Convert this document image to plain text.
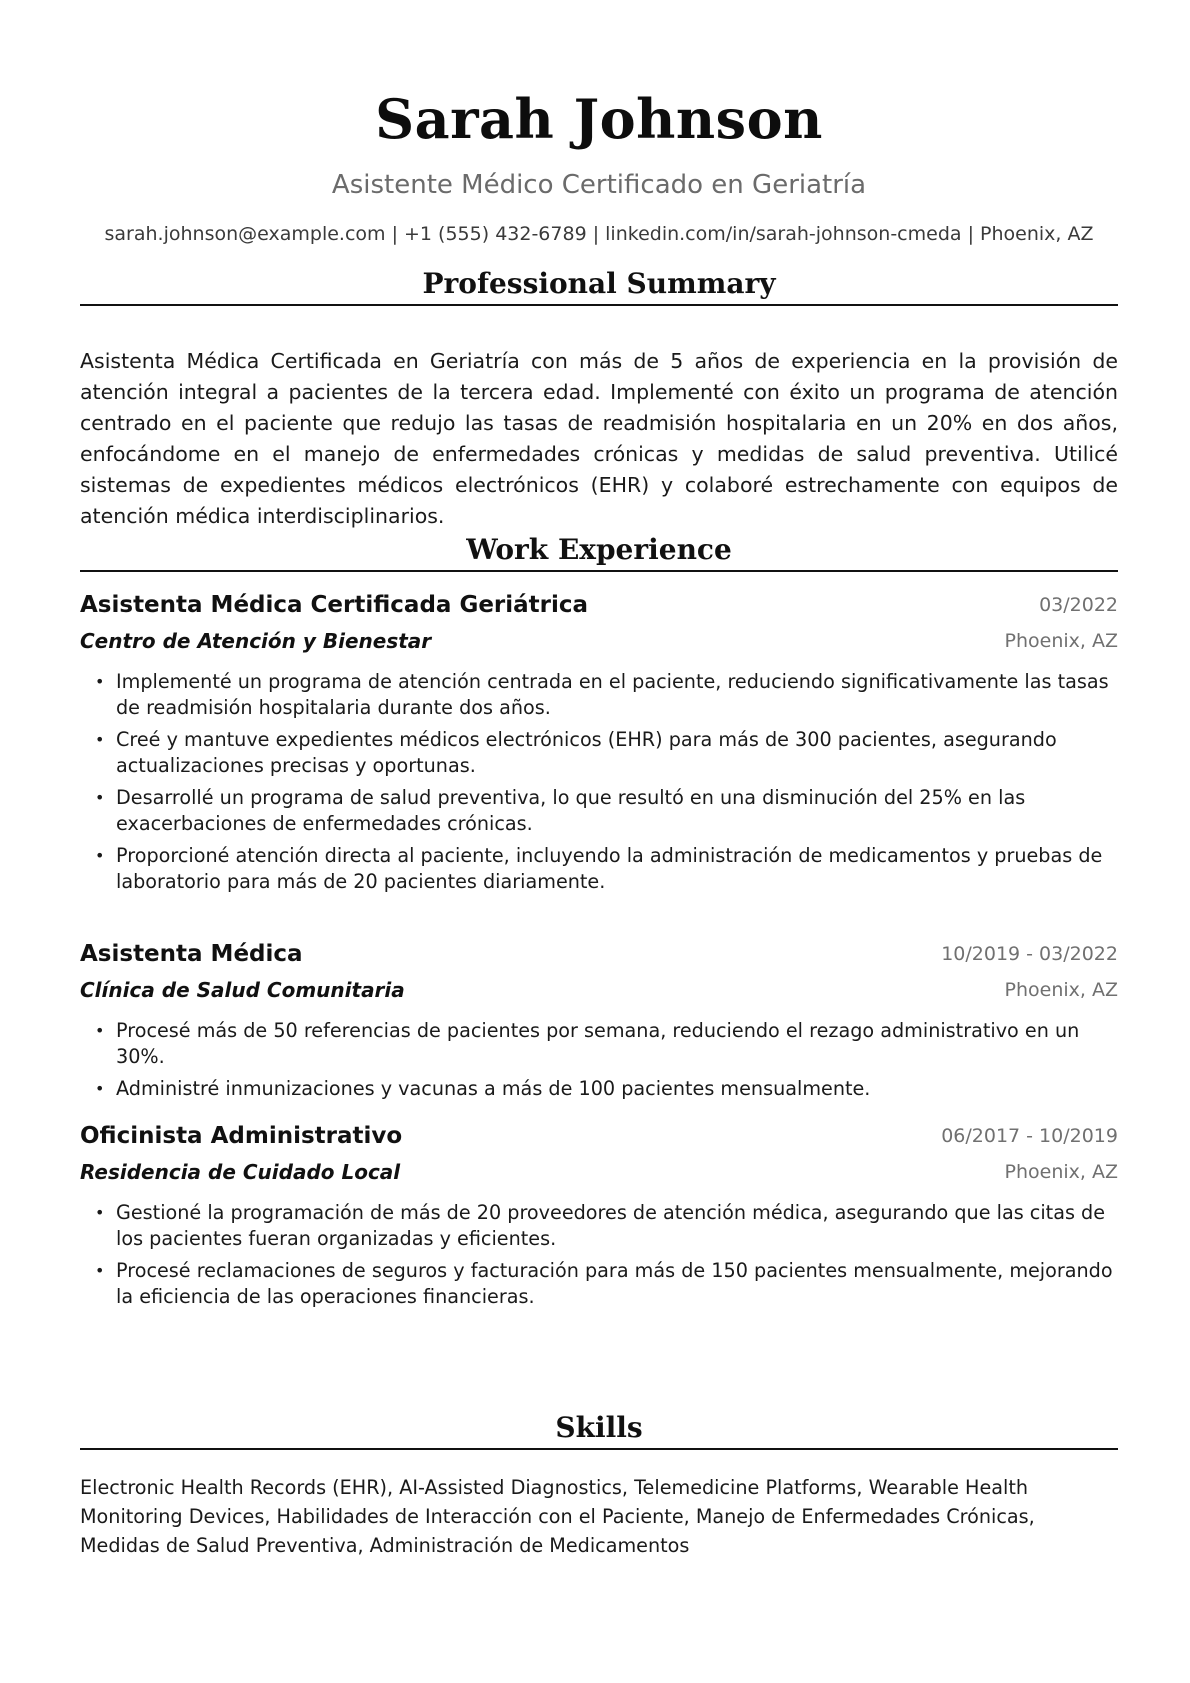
Sarah Johnson
Asistente Médico Certificado en Geriatría
sarah.johnson@example.com | +1 (555) 432-6789 | linkedin.com/in/sarah-johnson-cmeda | Phoenix, AZ
Professional Summary

Asistenta Médica Certificada en Geriatría con más de 5 años de experiencia en la provisión de atención integral a pacientes de la tercera edad. Implementé con éxito un programa de atención centrado en el paciente que redujo las tasas de readmisión hospitalaria en un 20% en dos años, enfocándome en el manejo de enfermedades crónicas y medidas de salud preventiva. Utilicé sistemas de expedientes médicos electrónicos (EHR) y colaboré estrechamente con equipos de atención médica interdisciplinarios.

Work Experience
Asistenta Médica Certificada Geriátrica	03/2022
Centro de Atención y Bienestar	Phoenix, AZ
• Implementé un programa de atención centrada en el paciente, reduciendo significativamente las tasas de readmisión hospitalaria durante dos años.
• Creé y mantuve expedientes médicos electrónicos (EHR) para más de 300 pacientes, asegurando actualizaciones precisas y oportunas.
• Desarrollé un programa de salud preventiva, lo que resultó en una disminución del 25% en las exacerbaciones de enfermedades crónicas.
• Proporcioné atención directa al paciente, incluyendo la administración de medicamentos y pruebas de laboratorio para más de 20 pacientes diariamente.
Asistenta Médica	10/2019 - 03/2022
Clínica de Salud Comunitaria	Phoenix, AZ
• Procesé más de 50 referencias de pacientes por semana, reduciendo el rezago administrativo en un 30%.
• Administré inmunizaciones y vacunas a más de 100 pacientes mensualmente.
Oficinista Administrativo	06/2017 - 10/2019
Residencia de Cuidado Local	Phoenix, AZ
• Gestioné la programación de más de 20 proveedores de atención médica, asegurando que las citas de los pacientes fueran organizadas y eficientes.
• Procesé reclamaciones de seguros y facturación para más de 150 pacientes mensualmente, mejorando la eficiencia de las operaciones financieras.
Skills

Electronic Health Records (EHR), AI-Assisted Diagnostics, Telemedicine Platforms, Wearable Health Monitoring Devices, Habilidades de Interacción con el Paciente, Manejo de Enfermedades Crónicas, Medidas de Salud Preventiva, Administración de Medicamentos
